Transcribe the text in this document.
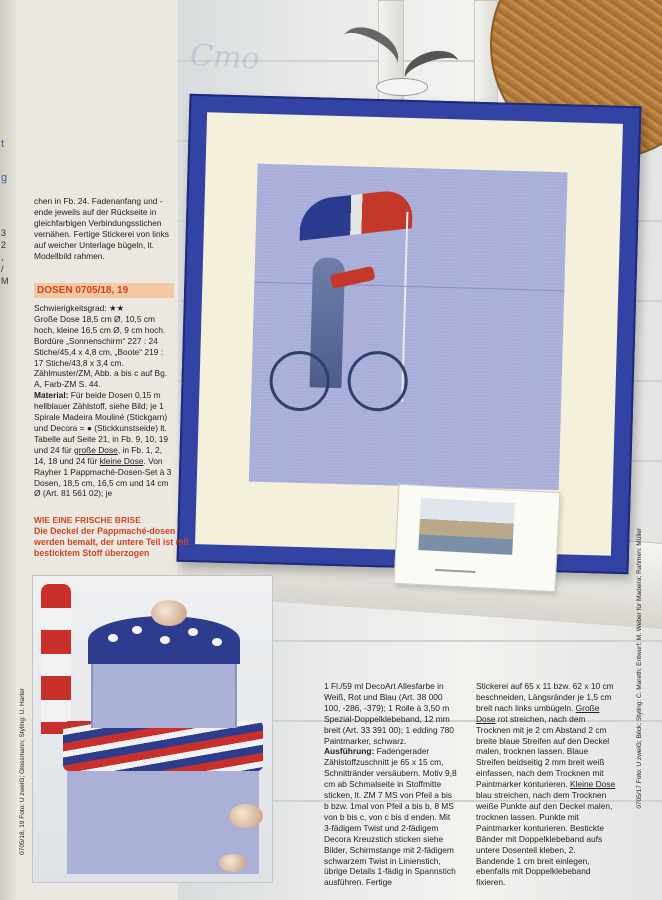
t
g
3
2
,
/
M
Сто
chen in Fb. 24. Fadenanfang und -ende jeweils auf der Rückseite in gleichfarbigen Verbindungsstichen vernähen. Fertige Stickerei von links auf weicher Unterlage bügeln, lt. Modellbild rahmen.
DOSEN 0705/18, 19
Schwierigkeitsgrad: ★★
Große Dose 18,5 cm Ø, 10,5 cm hoch, kleine 16,5 cm Ø, 9 cm hoch. Bordüre „Sonnenschirm“ 227 : 24 Stiche/45,4 x 4,8 cm, „Boote“ 219 : 17 Stiche/43,8 x 3,4 cm. Zählmuster/ZM, Abb. a bis c auf Bg. A, Farb-ZM S. 44.
Material: Für beide Dosen 0,15 m hellblauer Zählstoff, siehe Bild; je 1 Spirale Madeira Mouliné (Stickgarn) und Decora = ● (Stickkunstseide) lt. Tabelle auf Seite 21, in Fb. 9, 10, 19 und 24 für große Dose, in Fb. 1, 2, 14, 18 und 24 für kleine Dose. Von Rayher 1 Pappmaché-Dosen-Set à 3 Dosen, 18,5 cm, 16,5 cm und 14 cm Ø (Art. 81 561 02); je
WIE EINE FRISCHE BRISE
Die Deckel der Pappmaché-dosen werden bemalt, der untere Teil ist mit besticktem Stoff überzogen
0705/18, 19 Foto: U zweiG; Glossmann; Styling: U. Harter	0705/17 Foto: U zweiG; Bilck; Styling: C. Mareth; Entwurf: M. Weber für Madeira; Rahmen: Müller
1 Fl./59 ml DecoArt Allesfarbe in Weiß, Rot und Blau (Art. 38 000 100, -286, -379); 1 Rolle à 3,50 m Spezial-Doppelklebeband, 12 mm breit (Art. 33 391 00); 1 edding 780 Paintmarker, schwarz.
Ausführung: Fadengerader Zählstoffzuschnitt je 65 x 15 cm, Schnittränder versäubern. Motiv 9,8 cm ab Schmalseite in Stoffmitte sticken, lt. ZM 7 MS von Pfeil a bis b bzw. 1mal von Pfeil a bis b, 8 MS von b bis c, von c bis d enden. Mit 3-fädigem Twist und 2-fädigem Decora Kreuzstich sticken siehe Bilder, Schirmstange mit 2-fädigem schwarzem Twist in Linienstich, übrige Details 1-fädig in Spannstich ausführen. Fertige
Stickerei auf 65 x 11 bzw. 62 x 10 cm beschneiden, Längsränder je 1,5 cm breit nach links umbügeln. Große Dose rot streichen, nach dem Trocknen mit je 2 cm Abstand 2 cm breite blaue Streifen auf den Deckel malen, trocknen lassen. Blaue Streifen beidseitig 2 mm breit weiß einfassen, nach dem Trocknen mit Paintmarker konturieren. Kleine Dose blau streichen, nach dem Trocknen weiße Punkte auf den Deckel malen, trocknen lassen. Punkte mit Paintmarker konturieren. Bestickte Bänder mit Doppelklebeband aufs untere Dosenteil kleben, 2. Bandende 1 cm breit einlegen, ebenfalls mit Doppelklebeband fixieren.
